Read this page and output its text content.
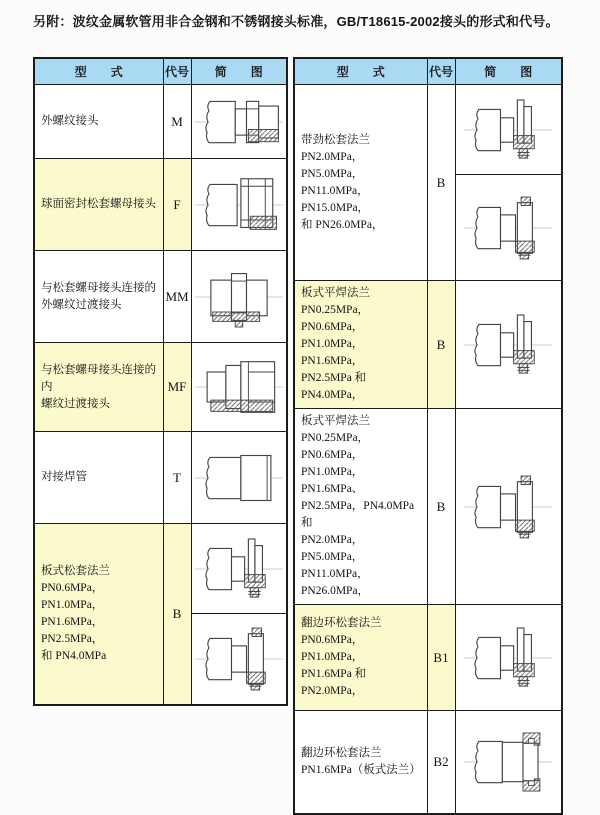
另附：波纹金属软管用非合金钢和不锈钢接头标准，GB/T18615-2002接头的形式和代号。
型　　式	代号	简　　图
外螺纹接头	M	

球面密封松套螺母接头	F	

与松套螺母接头连接的
外螺纹过渡接头	MM	

与松套螺母接头连接的内
螺纹过渡接头	MF	

对接焊管	T	

板式松套法兰
PN0.6MPa，PN1.0MPa，
PN1.6MPa，PN2.5MPa，
和 PN4.0MPa	B	
型　　式	代号	简　　图
带劲松套法兰
PN2.0MPa，PN5.0MPa，
PN11.0MPa，PN15.0MPa，
和 PN26.0MPa，	B	

板式平焊法兰
PN0.25MPa，PN0.6MPa，
PN1.0MPa，PN1.6MPa，
PN2.5MPa 和 PN4.0MPa，	B	

板式平焊法兰
PN0.25MPa，PN0.6MPa，
PN1.0MPa，PN1.6MPa、
PN2.5MPa，PN4.0MPa 和
PN2.0MPa，PN5.0MPa，
PN11.0MPa，PN26.0MPa，	B	

翻边环松套法兰
PN0.6MPa，PN1.0MPa，
PN1.6MPa 和 PN2.0MPa，	B1	

翻边环松套法兰
PN1.6MPa（板式法兰）	B2	
